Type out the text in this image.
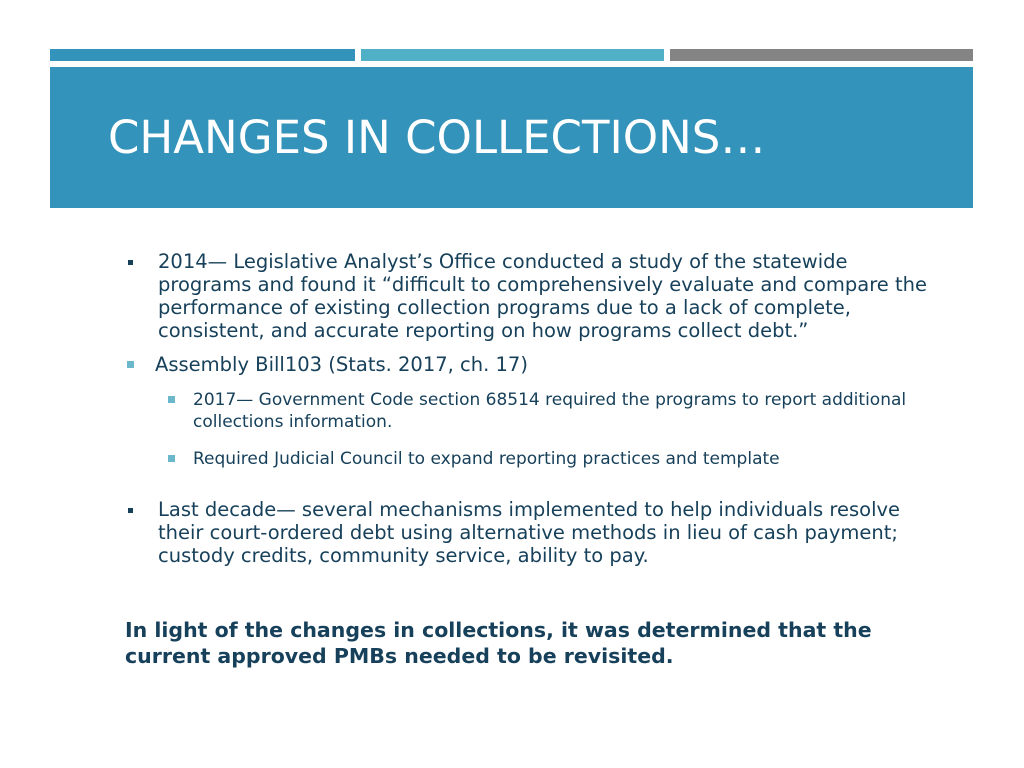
CHANGES IN COLLECTIONS…
2014— Legislative Analyst’s Office conducted a study of the statewide
programs and found it “difficult to comprehensively evaluate and compare the
performance of existing collection programs due to a lack of complete,
consistent, and accurate reporting on how programs collect debt.”
Assembly Bill103 (Stats. 2017, ch. 17)
2017— Government Code section 68514 required the programs to report additional
collections information.
Required Judicial Council to expand reporting practices and template
Last decade— several mechanisms implemented to help individuals resolve
their court-ordered debt using alternative methods in lieu of cash payment;
custody credits, community service, ability to pay.

In light of the changes in collections, it was determined that the
current approved PMBs needed to be revisited.
